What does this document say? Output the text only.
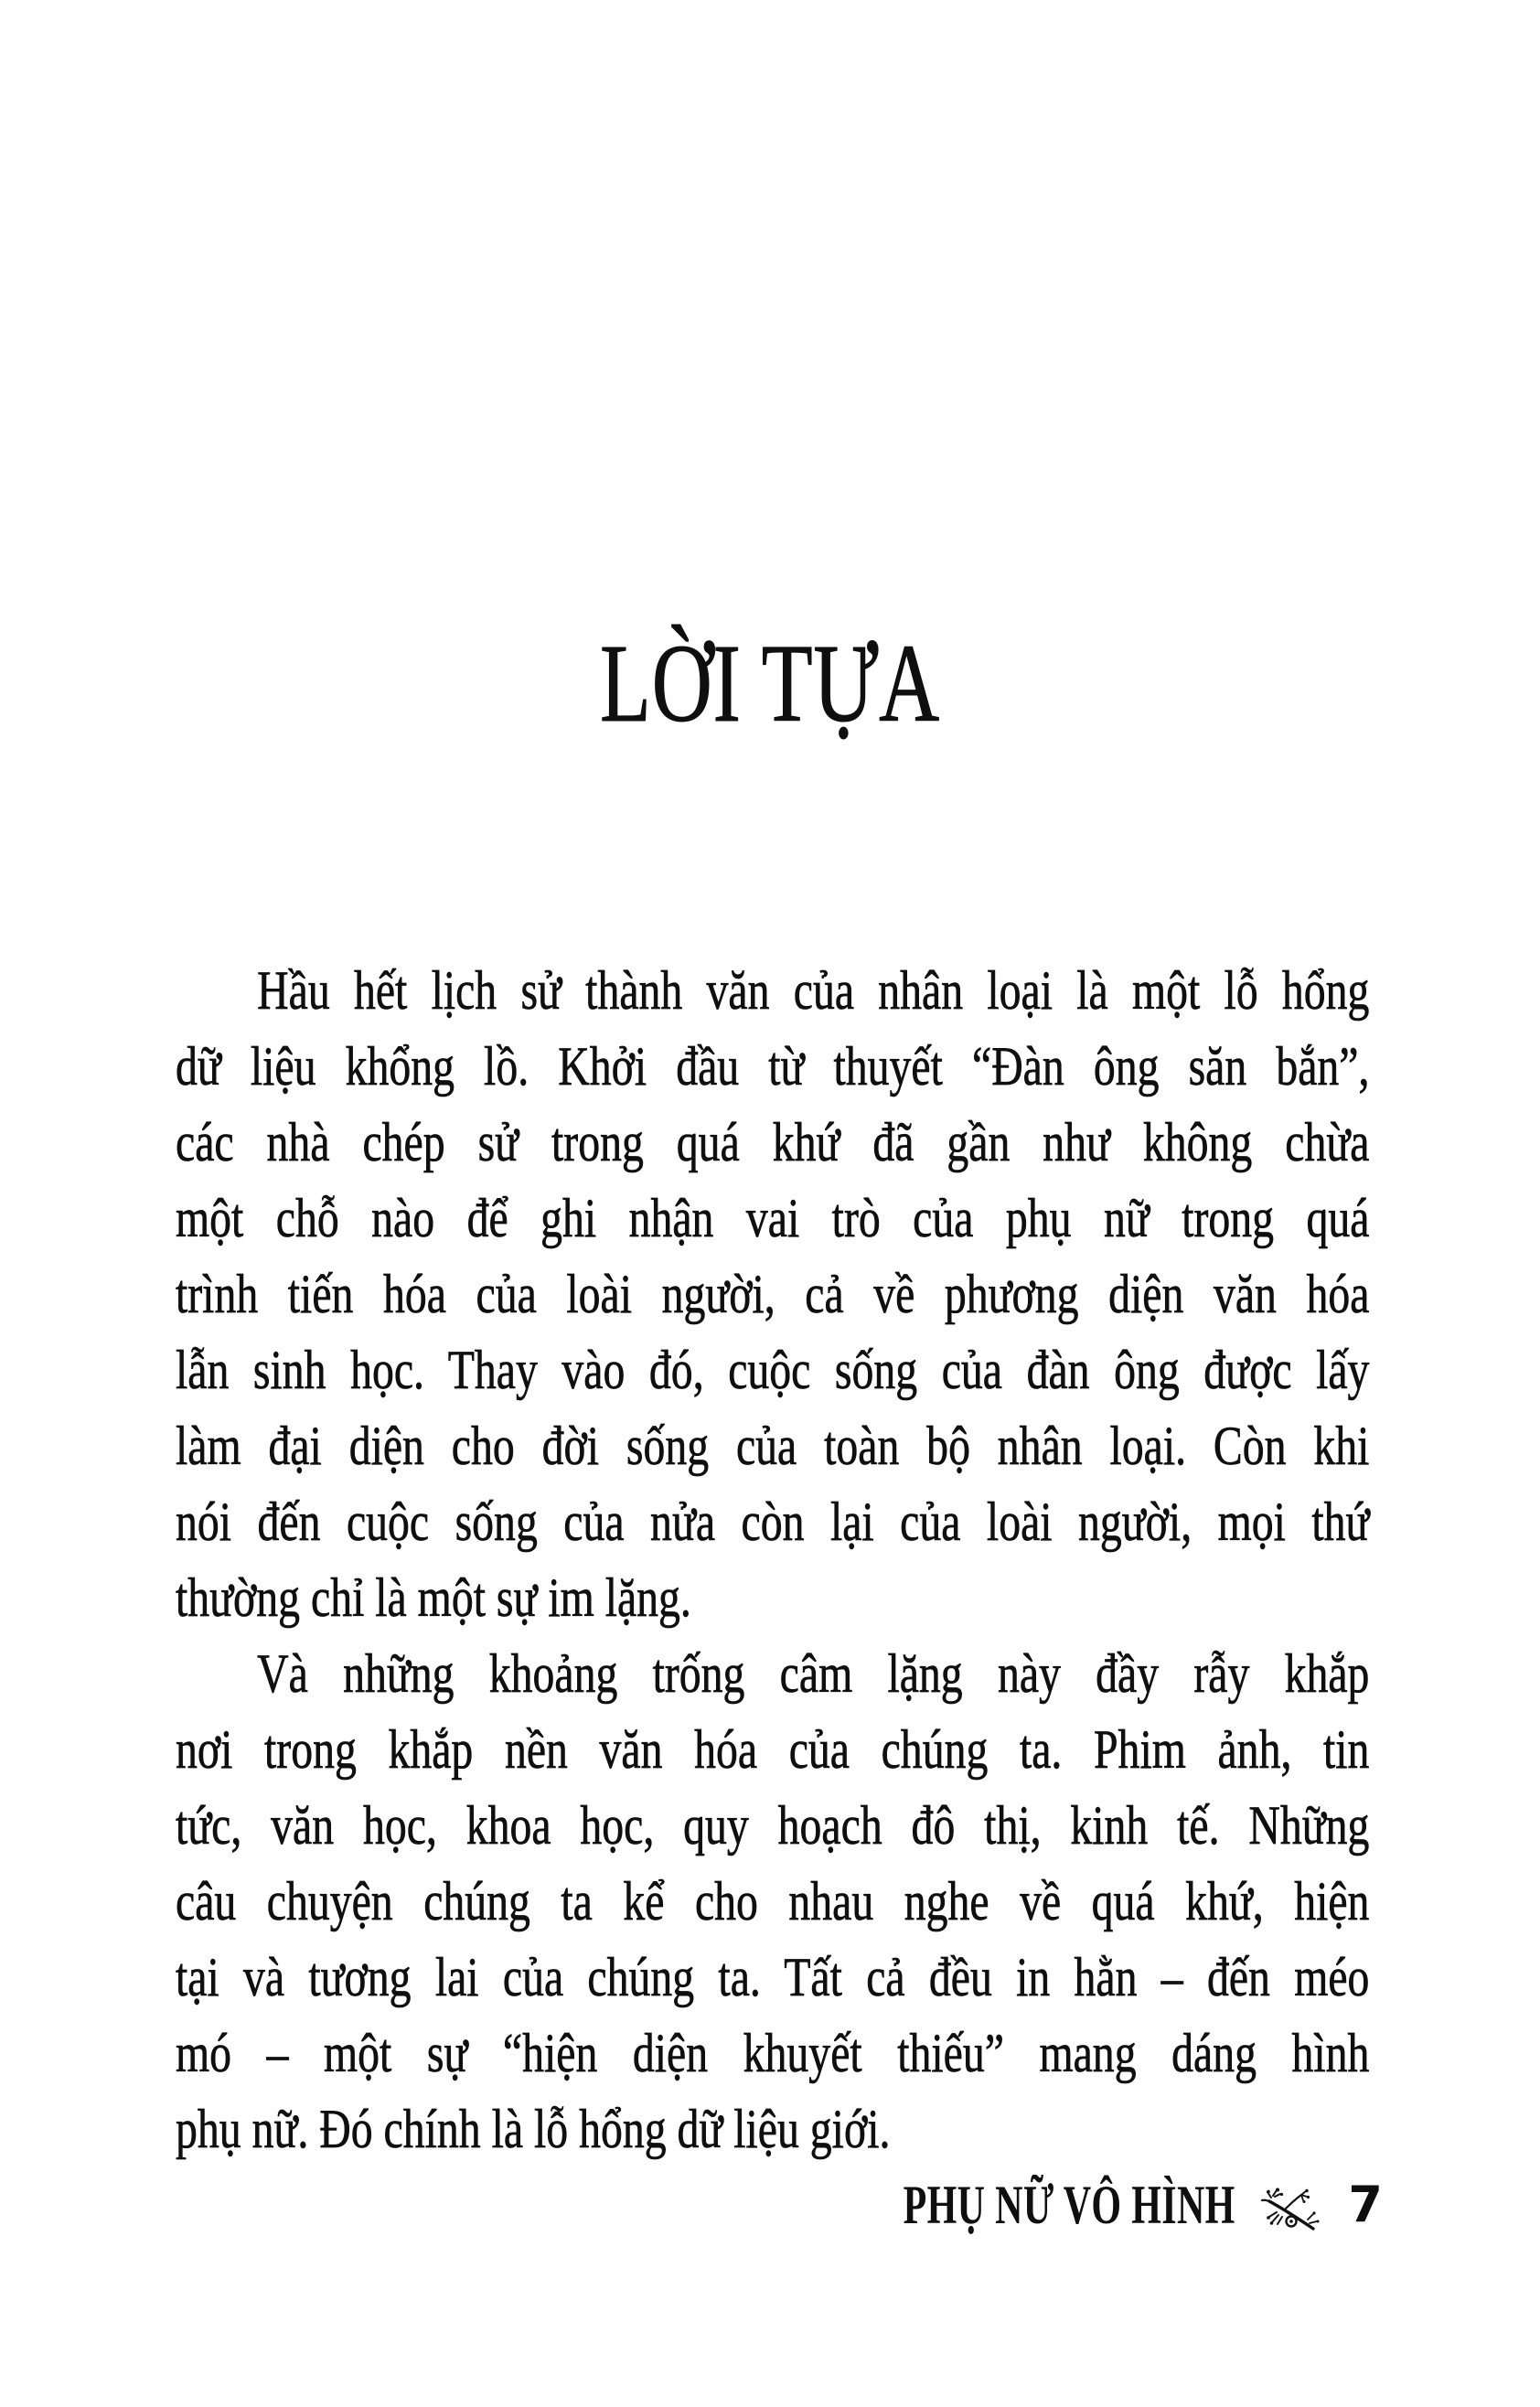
LỜI TỰA
Hầu hết lịch sử thành văn của nhân loại là một lỗ hổng
dữ liệu khổng lồ. Khởi đầu từ thuyết “Đàn ông săn bắn”,
các nhà chép sử trong quá khứ đã gần như không chừa
một chỗ nào để ghi nhận vai trò của phụ nữ trong quá
trình tiến hóa của loài người, cả về phương diện văn hóa
lẫn sinh học. Thay vào đó, cuộc sống của đàn ông được lấy
làm đại diện cho đời sống của toàn bộ nhân loại. Còn khi
nói đến cuộc sống của nửa còn lại của loài người, mọi thứ
thường chỉ là một sự im lặng.
Và những khoảng trống câm lặng này đầy rẫy khắp
nơi trong khắp nền văn hóa của chúng ta. Phim ảnh, tin
tức, văn học, khoa học, quy hoạch đô thị, kinh tế. Những
câu chuyện chúng ta kể cho nhau nghe về quá khứ, hiện
tại và tương lai của chúng ta. Tất cả đều in hằn – đến méo
mó – một sự “hiện diện khuyết thiếu” mang dáng hình
phụ nữ. Đó chính là lỗ hổng dữ liệu giới.
PHỤ NỮ VÔ HÌNH 7
